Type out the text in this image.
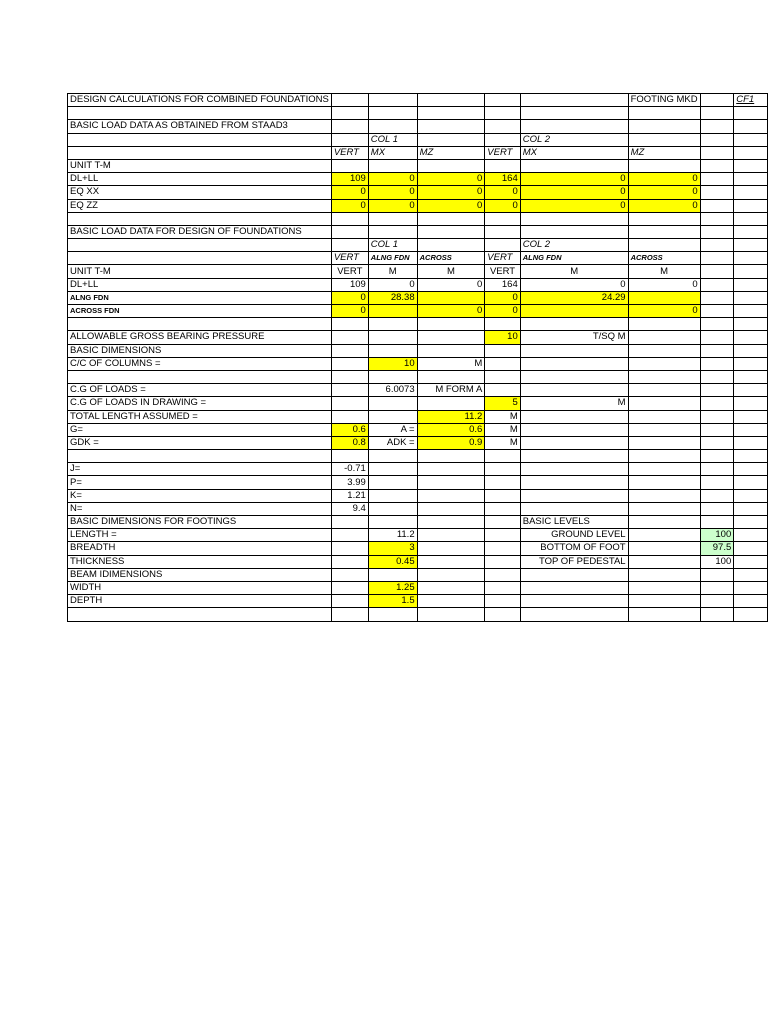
DESIGN CALCULATIONS FOR COMBINED FOUNDATIONS						FOOTING MKD		CF1

BASIC LOAD DATA AS OBTAINED FROM STAAD3								
		COL 1			COL 2			
	VERT	MX	MZ	VERT	MX	MZ		
UNIT T-M								
DL+LL	109	0	0	164	0	0		
EQ XX	0	0	0	0	0	0		
EQ ZZ	0	0	0	0	0	0		

BASIC LOAD DATA FOR DESIGN OF FOUNDATIONS								
		COL 1			COL 2			
	VERT	ALNG FDN	ACROSS	VERT	ALNG FDN	ACROSS		
UNIT T-M	VERT	M	M	VERT	M	M		
DL+LL	109	0	0	164	0	0		
ALNG FDN	0	28.38		0	24.29			
ACROSS FDN	0		0	0		0		

ALLOWABLE GROSS BEARING PRESSURE				10	T/SQ M			
BASIC DIMENSIONS								
C/C OF COLUMNS =		10	M					

C.G OF LOADS =		6.0073	M FORM A					
C.G OF LOADS IN DRAWING =				5	M			
TOTAL LENGTH ASSUMED =			11.2	M				
G=	0.6	A =	0.6	M				
GDK =	0.8	ADK =	0.9	M				

J=	-0.71							
P=	3.99							
K=	1.21							
N=	9.4							
BASIC DIMENSIONS FOR FOOTINGS					BASIC LEVELS			
LENGTH =		11.2			GROUND LEVEL		100	
BREADTH		3			BOTTOM OF FOOT		97.5	
THICKNESS		0.45			TOP OF PEDESTAL		100	
BEAM IDIMENSIONS								
WIDTH		1.25						
DEPTH		1.5						
